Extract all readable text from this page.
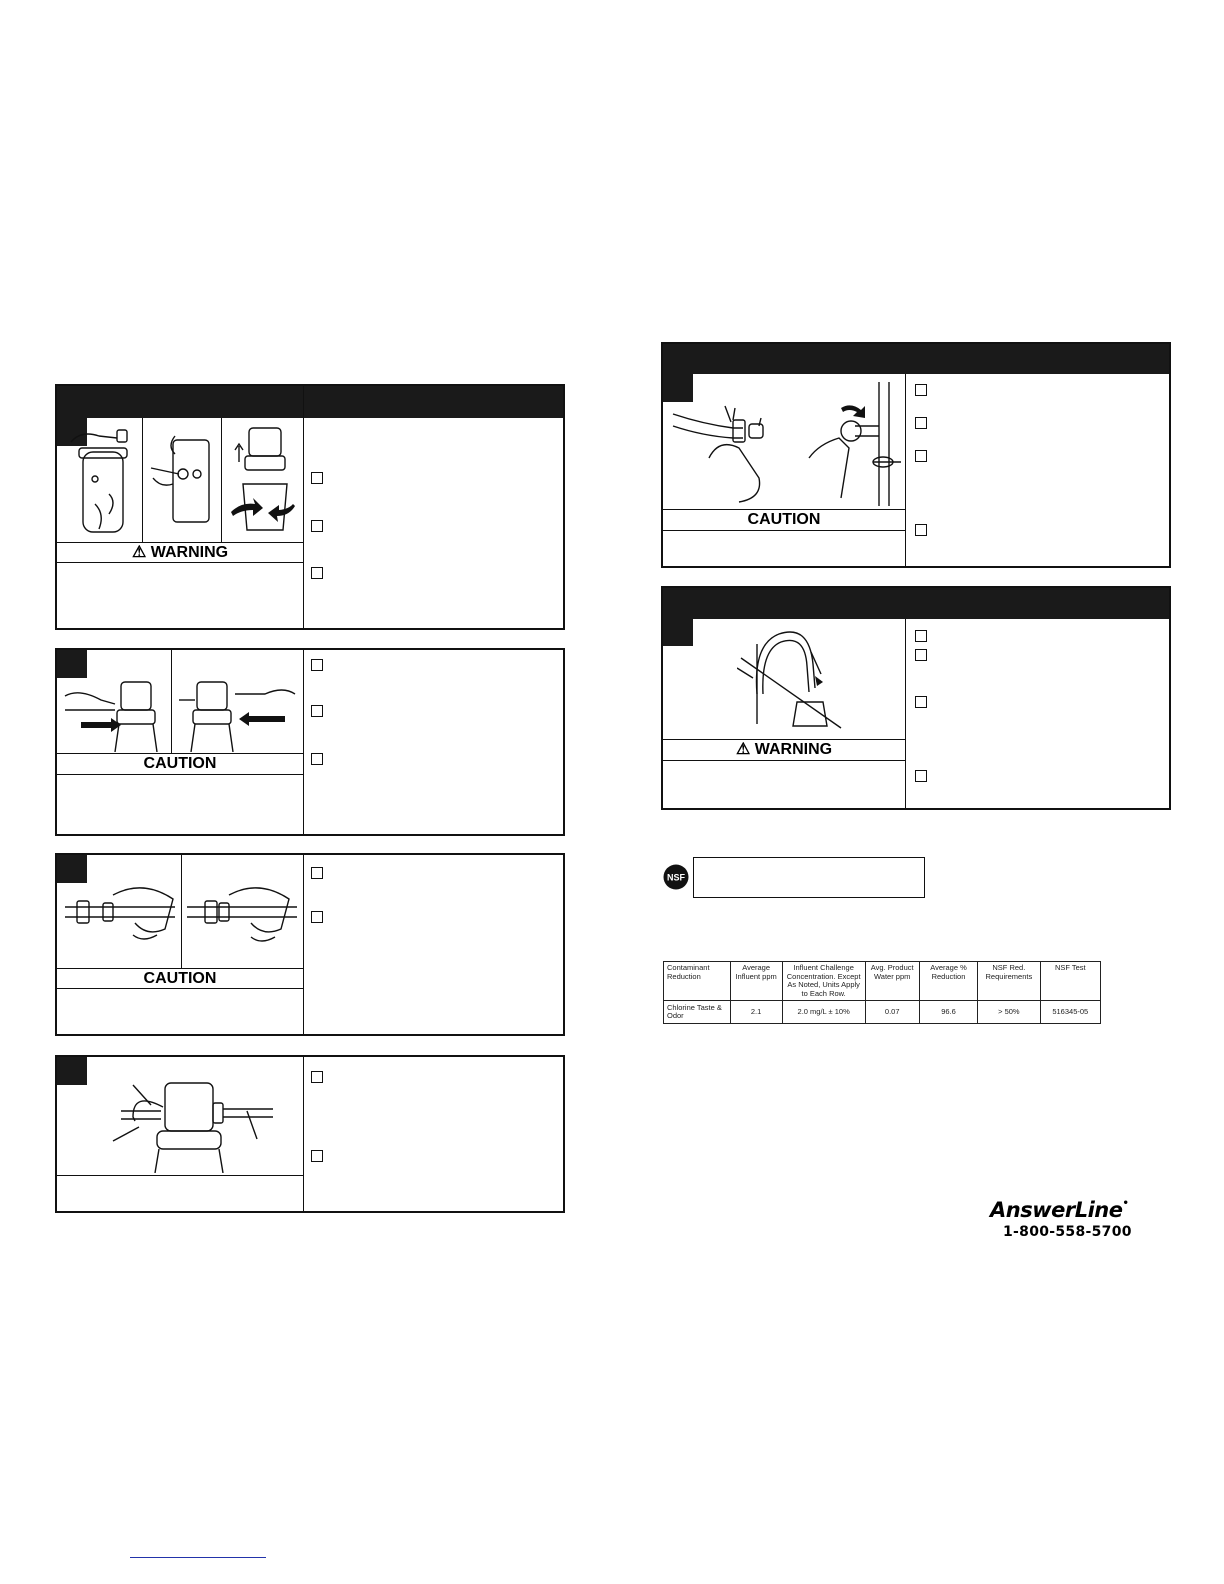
⚠ WARNING
CAUTION
CAUTION
CAUTION
⚠ WARNING
NSF
Contaminant Reduction	Average Influent ppm	Influent Challenge Concentration. Except As Noted, Units Apply to Each Row.	Avg. Product Water ppm	Average % Reduction	NSF Red. Requirements	NSF Test
Chlorine Taste & Odor	2.1	2.0 mg/L ± 10%	0.07	96.6	> 50%	516345-05
AnswerLine•
1-800-558-5700
